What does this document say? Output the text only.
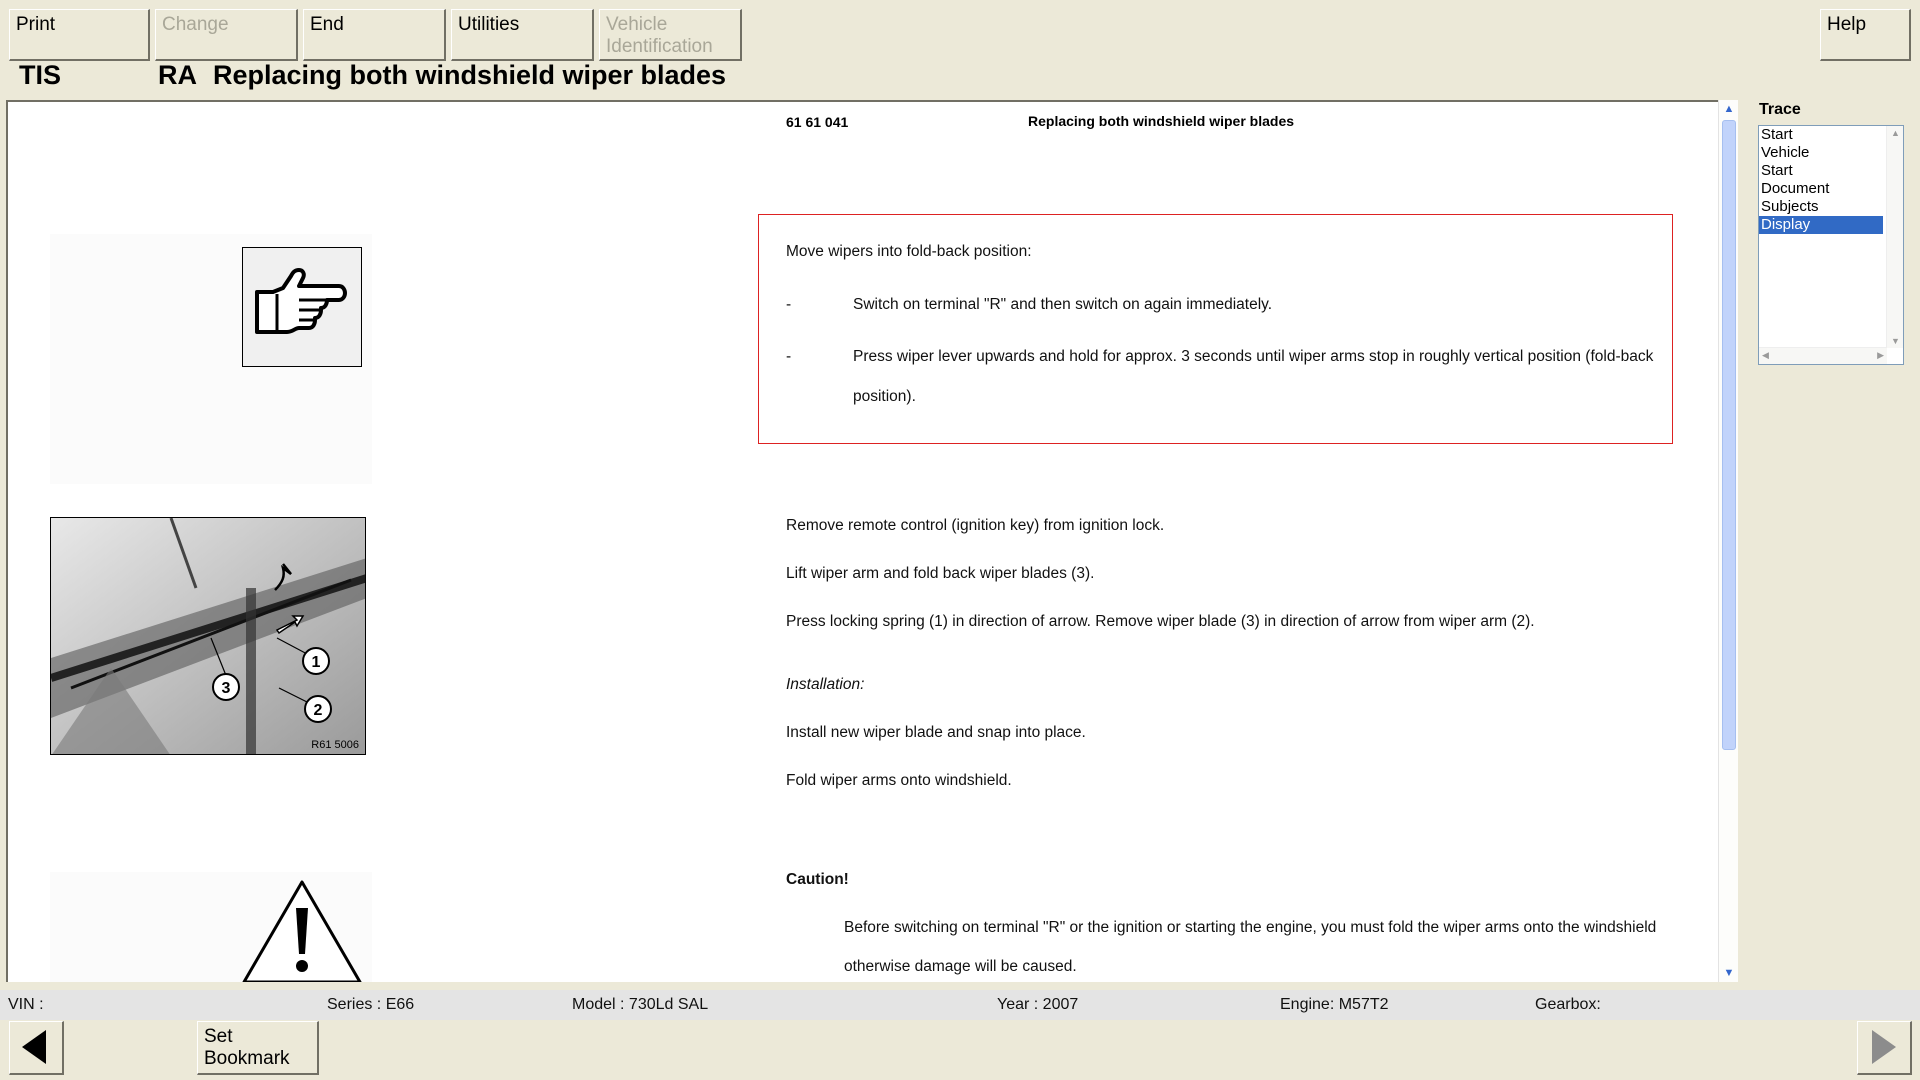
Print	Change	End	Utilities	Vehicle Identification
Help
TIS	RA Replacing both windshield wiper blades
61 61 041	Replacing both windshield wiper blades
Move wipers into fold-back position:
-	Switch on terminal "R" and then switch on again immediately.
-	Press wiper lever upwards and hold for approx. 3 seconds until wiper arms stop in roughly vertical position (fold-back
position).
1
2
3
R61 5006
Remove remote control (ignition key) from ignition lock.
Lift wiper arm and fold back wiper blades (3).
Press locking spring (1) in direction of arrow. Remove wiper blade (3) in direction of arrow from wiper arm (2).
Installation:
Install new wiper blade and snap into place.
Fold wiper arms onto windshield.
Caution!
Before switching on terminal "R" or the ignition or starting the engine, you must fold the wiper arms onto the windshield
otherwise damage will be caused.
▲
▼
Trace
Start
Vehicle
Start
Document
Subjects
Display
▲
▼
◀	▶
VIN :	Series : E66	Model : 730Ld SAL	Year : 2007	Engine: M57T2	Gearbox:
Set Bookmark
